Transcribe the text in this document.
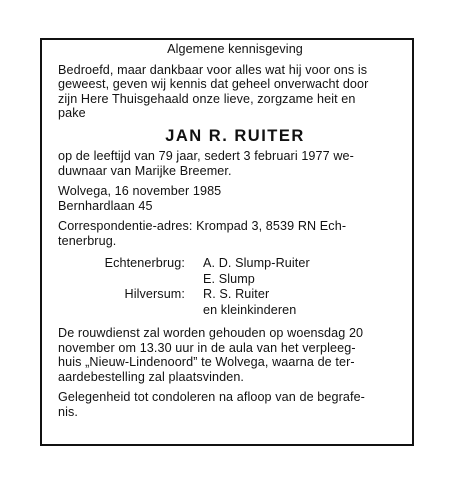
Algemene kennisgeving

Bedroefd, maar dankbaar voor alles wat hij voor ons is

geweest, geven wij kennis dat geheel onverwacht door

zijn Here Thuisgehaald onze lieve, zorgzame heit en

pake

JAN R. RUITER

op de leeftijd van 79 jaar, sedert 3 februari 1977 we-

duwnaar van Marijke Breemer.

Wolvega, 16 november 1985

Bernhardlaan 45

Correspondentie-adres: Krompad 3, 8539 RN Ech-

tenerbrug.

Echtenerbrug:	A. D. Slump-Ruiter
E. Slump
Hilversum:	R. S. Ruiter
en kleinkinderen

De rouwdienst zal worden gehouden op woensdag 20

november om 13.30 uur in de aula van het verpleeg-

huis „Nieuw-Lindenoord” te Wolvega, waarna de ter-

aardebestelling zal plaatsvinden.

Gelegenheid tot condoleren na afloop van de begrafe-

nis.
